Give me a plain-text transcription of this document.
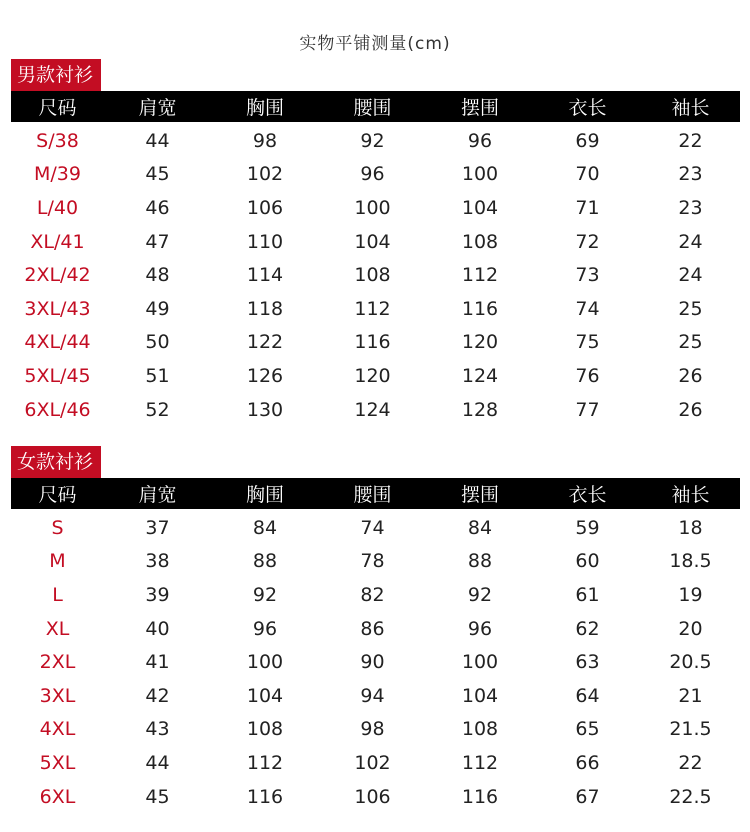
实物平铺测量(cm)
男款衬衫
尺码	肩宽	胸围	腰围	摆围	衣长	袖长
S/38	44	98	92	96	69	22
M/39	45	102	96	100	70	23
L/40	46	106	100	104	71	23
XL/41	47	110	104	108	72	24
2XL/42	48	114	108	112	73	24
3XL/43	49	118	112	116	74	25
4XL/44	50	122	116	120	75	25
5XL/45	51	126	120	124	76	26
6XL/46	52	130	124	128	77	26
女款衬衫
尺码	肩宽	胸围	腰围	摆围	衣长	袖长
S	37	84	74	84	59	18
M	38	88	78	88	60	18.5
L	39	92	82	92	61	19
XL	40	96	86	96	62	20
2XL	41	100	90	100	63	20.5
3XL	42	104	94	104	64	21
4XL	43	108	98	108	65	21.5
5XL	44	112	102	112	66	22
6XL	45	116	106	116	67	22.5
